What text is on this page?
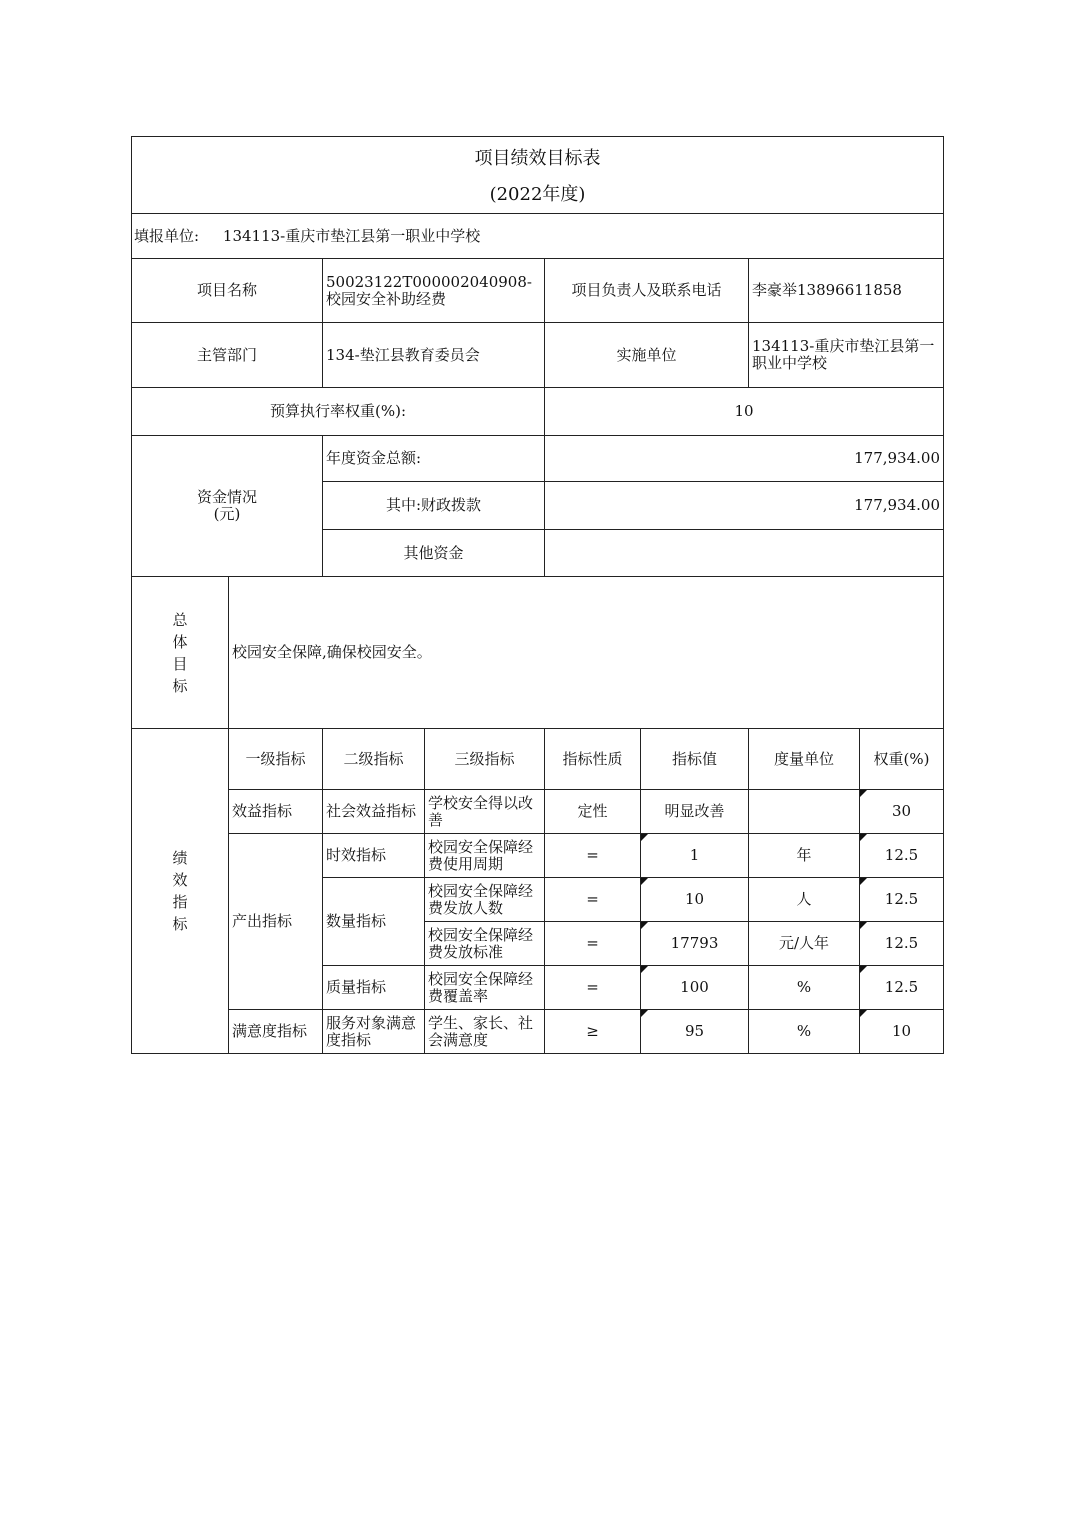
项目绩效目标表
(2022年度)							

填报单位: 134113-重庆市垫江县第一职业中学校							
项目名称		50023122T000002040908-校园安全补助经费		项目负责人及联系电话		李豪举13896611858	
主管部门		134-垫江县教育委员会		实施单位		134113-重庆市垫江县第一职业中学校	
预算执行率权重(%):				10			

资金情况
(元)		年度资金总额:		177,934.00			
		其中:财政拨款		177,934.00			
		其他资金					
总体目标	校园安全保障,确保校园安全。						
绩效指标	一级指标	二级指标	三级指标	指标性质	指标值	度量单位	权重(%)
	效益指标	社会效益指标	学校安全得以改善	定性	明显改善		30
	产出指标	时效指标	校园安全保障经费使用周期	=	1	年	12.5
		数量指标	校园安全保障经费发放人数	=	10	人	12.5
			校园安全保障经费发放标准	=	17793	元/人年	12.5
		质量指标	校园安全保障经费覆盖率	=	100	%	12.5
	满意度指标	服务对象满意度指标	学生、家长、社会满意度	≥	95	%	10
